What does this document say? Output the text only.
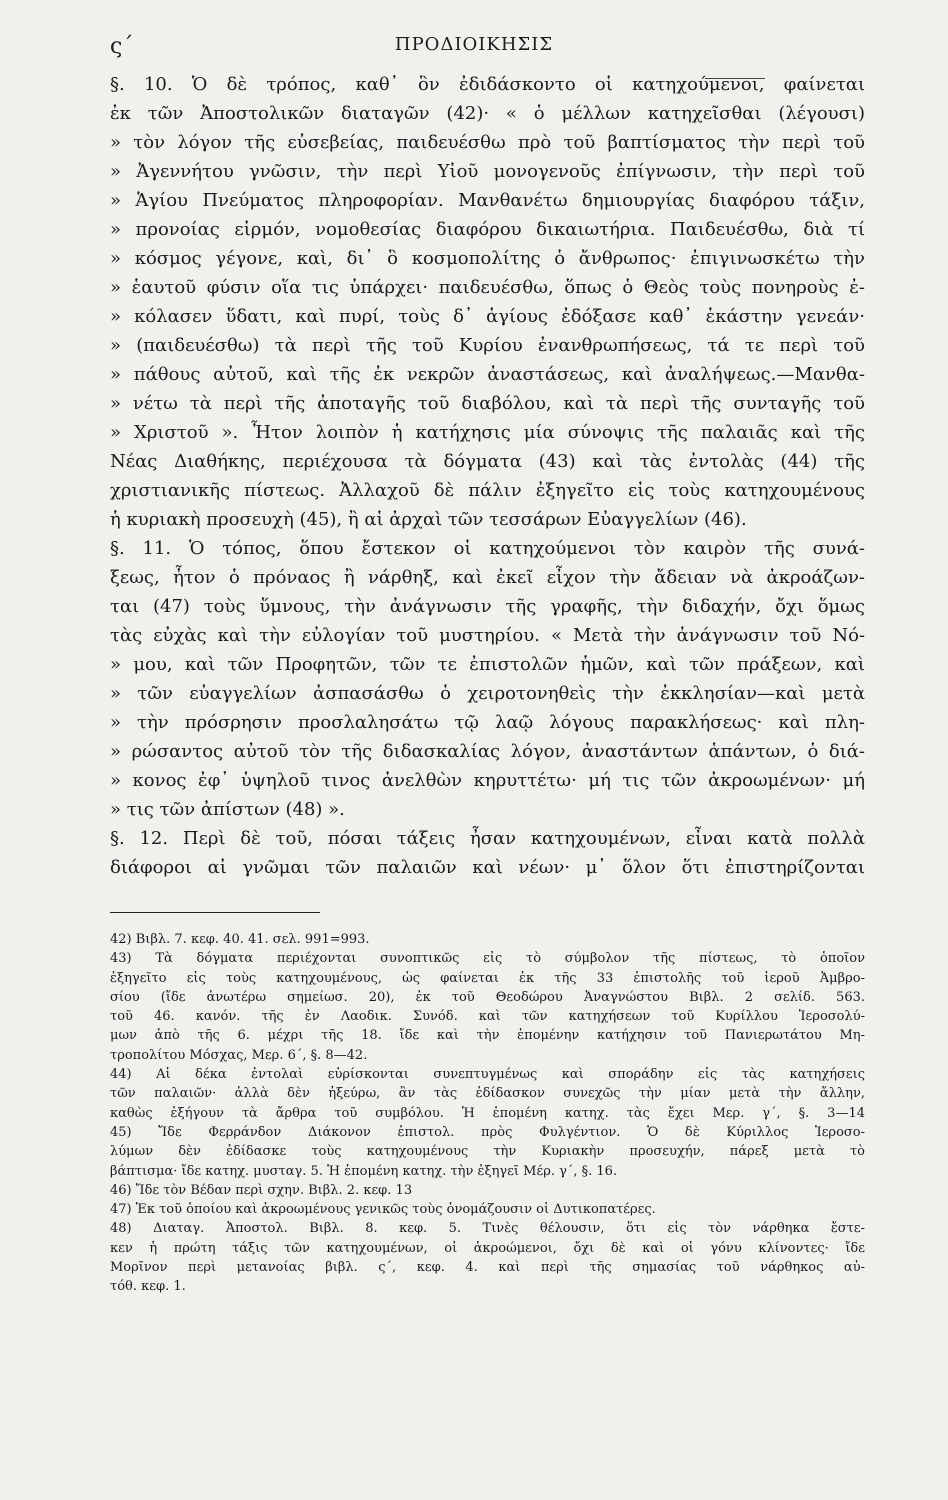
ς΄	ΠΡΟΔΙΟΙΚΗΣΙΣ
§. 10. Ὁ δὲ τρόπος, καθ᾽ ὃν ἐδιδάσκοντο οἱ κατηχούμενοι, φαίνεται
ἐκ τῶν Ἀποστολικῶν διαταγῶν (42)· « ὁ μέλλων κατηχεῖσθαι (λέγουσι)
» τὸν λόγον τῆς εὐσεβείας, παιδευέσθω πρὸ τοῦ βαπτίσματος τὴν περὶ τοῦ
» Ἀγεννήτου γνῶσιν, τὴν περὶ Υἱοῦ μονογενοῦς ἐπίγνωσιν, τὴν περὶ τοῦ
» Ἁγίου Πνεύματος πληροφορίαν. Μανθανέτω δημιουργίας διαφόρου τάξιν,
» προνοίας εἱρμόν, νομοθεσίας διαφόρου δικαιωτήρια. Παιδευέσθω, διὰ τί
» κόσμος γέγονε, καὶ, δι᾽ ὃ κοσμοπολίτης ὁ ἄνθρωπος· ἐπιγινωσκέτω τὴν
» ἑαυτοῦ φύσιν οἵα τις ὑπάρχει· παιδευέσθω, ὅπως ὁ Θεὸς τοὺς πονηροὺς ἐ-
» κόλασεν ὕδατι, καὶ πυρί, τοὺς δ᾽ ἁγίους ἐδόξασε καθ᾽ ἑκάστην γενεάν·
» (παιδευέσθω) τὰ περὶ τῆς τοῦ Κυρίου ἐνανθρωπήσεως, τά τε περὶ τοῦ
» πάθους αὐτοῦ, καὶ τῆς ἐκ νεκρῶν ἀναστάσεως, καὶ ἀναλήψεως.—Μανθα-
» νέτω τὰ περὶ τῆς ἀποταγῆς τοῦ διαβόλου, καὶ τὰ περὶ τῆς συνταγῆς τοῦ
» Χριστοῦ ». Ἦτον λοιπὸν ἡ κατήχησις μία σύνοψις τῆς παλαιᾶς καὶ τῆς
Νέας Διαθήκης, περιέχουσα τὰ δόγματα (43) καὶ τὰς ἐντολὰς (44) τῆς
χριστιανικῆς πίστεως. Ἀλλαχοῦ δὲ πάλιν ἐξηγεῖτο εἰς τοὺς κατηχουμένους
ἡ κυριακὴ προσευχὴ (45), ἢ αἱ ἀρχαὶ τῶν τεσσάρων Εὐαγγελίων (46).
§. 11. Ὁ τόπος, ὅπου ἔστεκον οἱ κατηχούμενοι τὸν καιρὸν τῆς συνά-
ξεως, ἦτον ὁ πρόναος ἢ νάρθηξ, καὶ ἐκεῖ εἶχον τὴν ἄδειαν νὰ ἀκροάζων-
ται (47) τοὺς ὕμνους, τὴν ἀνάγνωσιν τῆς γραφῆς, τὴν διδαχήν, ὄχι ὅμως
τὰς εὐχὰς καὶ τὴν εὐλογίαν τοῦ μυστηρίου. « Μετὰ τὴν ἀνάγνωσιν τοῦ Νό-
» μου, καὶ τῶν Προφητῶν, τῶν τε ἐπιστολῶν ἡμῶν, καὶ τῶν πράξεων, καὶ
» τῶν εὐαγγελίων ἀσπασάσθω ὁ χειροτονηθεὶς τὴν ἐκκλησίαν—καὶ μετὰ
» τὴν πρόσρησιν προσλαλησάτω τῷ λαῷ λόγους παρακλήσεως· καὶ πλη-
» ρώσαντος αὐτοῦ τὸν τῆς διδασκαλίας λόγον, ἀναστάντων ἁπάντων, ὁ διά-
» κονος ἐφ᾽ ὑψηλοῦ τινος ἀνελθὼν κηρυττέτω· μή τις τῶν ἀκροωμένων· μή
» τις τῶν ἀπίστων (48) ».
§. 12. Περὶ δὲ τοῦ, πόσαι τάξεις ἦσαν κατηχουμένων, εἶναι κατὰ πολλὰ
διάφοροι αἱ γνῶμαι τῶν παλαιῶν καὶ νέων· μ᾽ ὅλον ὅτι ἐπιστηρίζονται
42) Βιβλ. 7. κεφ. 40. 41. σελ. 991=993.
43) Τὰ δόγματα περιέχονται συνοπτικῶς εἰς τὸ σύμβολον τῆς πίστεως, τὸ ὁποῖον
ἐξηγεῖτο εἰς τοὺς κατηχουμένους, ὡς φαίνεται ἐκ τῆς 33 ἐπιστολῆς τοῦ ἱεροῦ Ἀμβρο-
σίου (ἴδε ἀνωτέρω σημείωσ. 20), ἐκ τοῦ Θεοδώρου Ἀναγνώστου Βιβλ. 2 σελίδ. 563.
τοῦ 46. κανόν. τῆς ἐν Λαοδικ. Συνόδ. καὶ τῶν κατηχήσεων τοῦ Κυρίλλου Ἱεροσολύ-
μων ἀπὸ τῆς 6. μέχρι τῆς 18. ἴδε καὶ τὴν ἑπομένην κατήχησιν τοῦ Πανιερωτάτου Μη-
τροπολίτου Μόσχας, Μερ. 6΄, §. 8—42.
44) Αἱ δέκα ἐντολαὶ εὑρίσκονται συνεπτυγμένως καὶ σποράδην εἰς τὰς κατηχήσεις
τῶν παλαιῶν· ἀλλὰ δὲν ἠξεύρω, ἂν τὰς ἐδίδασκον συνεχῶς τὴν μίαν μετὰ τὴν ἄλλην,
καθὼς ἐξήγουν τὰ ἄρθρα τοῦ συμβόλου. Ἡ ἑπομένη κατηχ. τὰς ἔχει Μερ. γ΄, §. 3—14
45) Ἴδε Φερράνδον Διάκονον ἐπιστολ. πρὸς Φυλγέντιον. Ὁ δὲ Κύριλλος Ἱεροσο-
λύμων δὲν ἐδίδασκε τοὺς κατηχουμένους τὴν Κυριακὴν προσευχήν, πάρεξ μετὰ τὸ
βάπτισμα· ἴδε κατηχ. μυσταγ. 5. Ἡ ἑπομένη κατηχ. τὴν ἐξηγεῖ Μέρ. γ΄, §. 16.
46) Ἴδε τὸν Βέδαν περὶ σχην. Βιβλ. 2. κεφ. 13
47) Ἐκ τοῦ ὁποίου καὶ ἀκροωμένους γενικῶς τοὺς ὀνομάζουσιν οἱ Δυτικοπατέρες.
48) Διαταγ. Ἀποστολ. Βιβλ. 8. κεφ. 5. Τινὲς θέλουσιν, ὅτι εἰς τὸν νάρθηκα ἔστε-
κεν ἡ πρώτη τάξις τῶν κατηχουμένων, οἱ ἀκροώμενοι, ὄχι δὲ καὶ οἱ γόνυ κλίνοντες· ἴδε
Μορῖνον περὶ μετανοίας βιβλ. ς΄, κεφ. 4. καὶ περὶ τῆς σημασίας τοῦ νάρθηκος αὐ-
τόθ. κεφ. 1.
